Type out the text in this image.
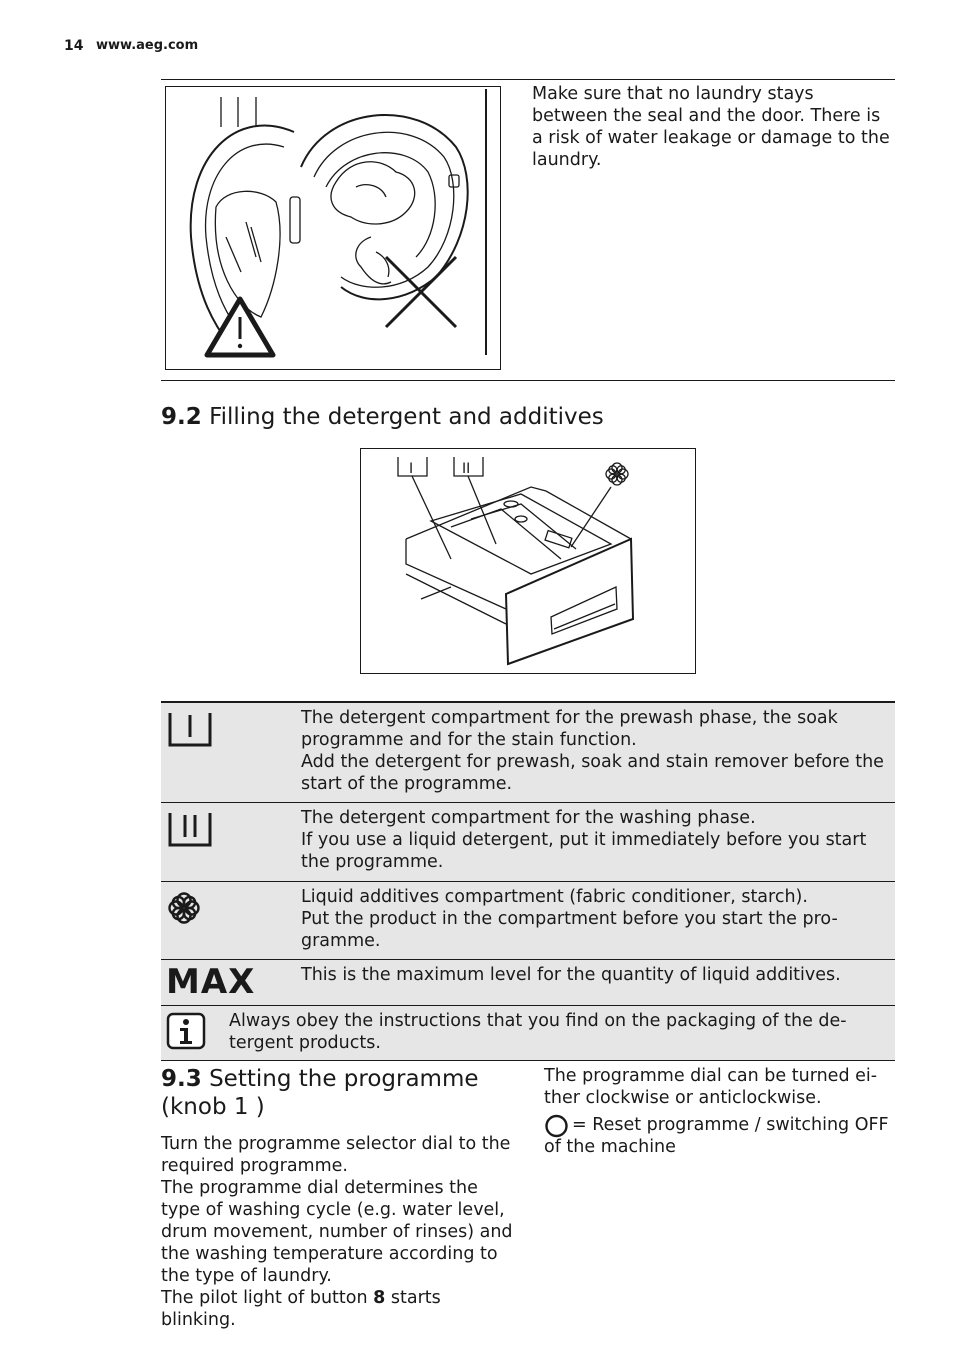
14 www.aeg.com
Make sure that no laundry stays between the seal and the door. There is a risk of water leakage or damage to the laundry.
9.2 Filling the detergent and additives
I	II

The detergent compartment for the prewash phase, the soak programme and for the stain function.

Add the detergent for prewash, soak and stain remover before the start of the programme.

The detergent compartment for the washing phase.

If you use a liquid detergent, put it immediately before you start the programme.

Liquid additives compartment (fabric conditioner, starch).

Put the product in the compartment before you start the pro-gramme.

MAX	This is the maximum level for the quantity of liquid additives.

Always obey the instructions that you find on the packaging of the de-tergent products.
9.3 Setting the programme (knob 1 )

Turn the programme selector dial to the required programme.

The programme dial determines the type of washing cycle (e.g. water level, drum movement, number of rinses) and the washing temperature according to the type of laundry.

The pilot light of button 8 starts blinking.

The programme dial can be turned ei-ther clockwise or anticlockwise.
= Reset programme / switching OFF of the machine
